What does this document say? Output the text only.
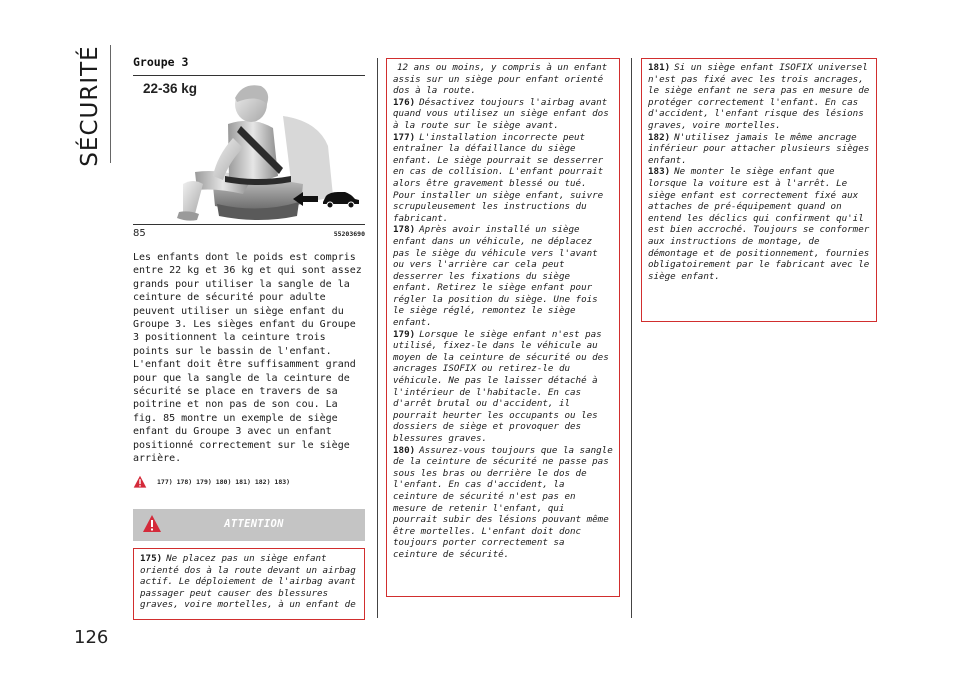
SÉCURITÉ
126
Groupe 3
22-36 kg
85	55203690

Les enfants dont le poids est compris entre 22 kg et 36 kg et qui sont assez grands pour utiliser la sangle de la ceinture de sécurité pour adulte peuvent utiliser un siège enfant du Groupe 3. Les sièges enfant du Groupe 3 positionnent la ceinture trois points sur le bassin de l'enfant. L'enfant doit être suffisamment grand pour que la sangle de la ceinture de sécurité se place en travers de sa poitrine et non pas de son cou. La fig. 85 montre un exemple de siège enfant du Groupe 3 avec un enfant positionné correctement sur le siège arrière.

177) 178) 179) 180) 181) 182) 183)
ATTENTION
175) Ne placez pas un siège enfant orienté dos à la route devant un airbag actif. Le déploiement de l'airbag avant passager peut causer des blessures graves, voire mortelles, à un enfant de
12 ans ou moins, y compris à un enfant assis sur un siège pour enfant orienté dos à la route.
176) Désactivez toujours l'airbag avant quand vous utilisez un siège enfant dos à la route sur le siège avant.
177) L'installation incorrecte peut entraîner la défaillance du siège enfant. Le siège pourrait se desserrer en cas de collision. L'enfant pourrait alors être gravement blessé ou tué. Pour installer un siège enfant, suivre scrupuleusement les instructions du fabricant.
178) Après avoir installé un siège enfant dans un véhicule, ne déplacez pas le siège du véhicule vers l'avant ou vers l'arrière car cela peut desserrer les fixations du siège enfant. Retirez le siège enfant pour régler la position du siège. Une fois le siège réglé, remontez le siège enfant.
179) Lorsque le siège enfant n'est pas utilisé, fixez-le dans le véhicule au moyen de la ceinture de sécurité ou des ancrages ISOFIX ou retirez-le du véhicule. Ne pas le laisser détaché à l'intérieur de l'habitacle. En cas d'arrêt brutal ou d'accident, il pourrait heurter les occupants ou les dossiers de siège et provoquer des blessures graves.
180) Assurez-vous toujours que la sangle de la ceinture de sécurité ne passe pas sous les bras ou derrière le dos de l'enfant. En cas d'accident, la ceinture de sécurité n'est pas en mesure de retenir l'enfant, qui pourrait subir des lésions pouvant même être mortelles. L'enfant doit donc toujours porter correctement sa ceinture de sécurité.
181) Si un siège enfant ISOFIX universel n'est pas fixé avec les trois ancrages, le siège enfant ne sera pas en mesure de protéger correctement l'enfant. En cas d'accident, l'enfant risque des lésions graves, voire mortelles.
182) N'utilisez jamais le même ancrage inférieur pour attacher plusieurs sièges enfant.
183) Ne monter le siège enfant que lorsque la voiture est à l'arrêt. Le siège enfant est correctement fixé aux attaches de pré-équipement quand on entend les déclics qui confirment qu'il est bien accroché. Toujours se conformer aux instructions de montage, de démontage et de positionnement, fournies obligatoirement par le fabricant avec le siège enfant.
